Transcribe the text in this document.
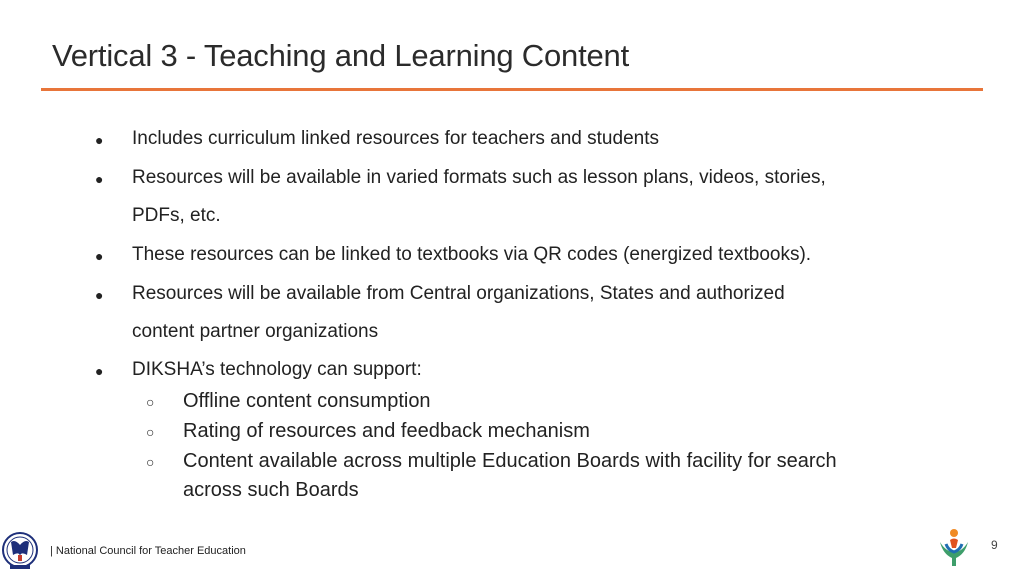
Vertical 3 - Teaching and Learning Content
● Includes curriculum linked resources for teachers and students
● Resources will be available in varied formats such as lesson plans, videos, stories,
PDFs, etc.
● These resources can be linked to textbooks via QR codes (energized textbooks).
● Resources will be available from Central organizations, States and authorized
content partner organizations
● DIKSHA’s technology can support:
○ Offline content consumption
○ Rating of resources and feedback mechanism
○ Content available across multiple Education Boards with facility for search
across such Boards
| National Council for Teacher Education	9
